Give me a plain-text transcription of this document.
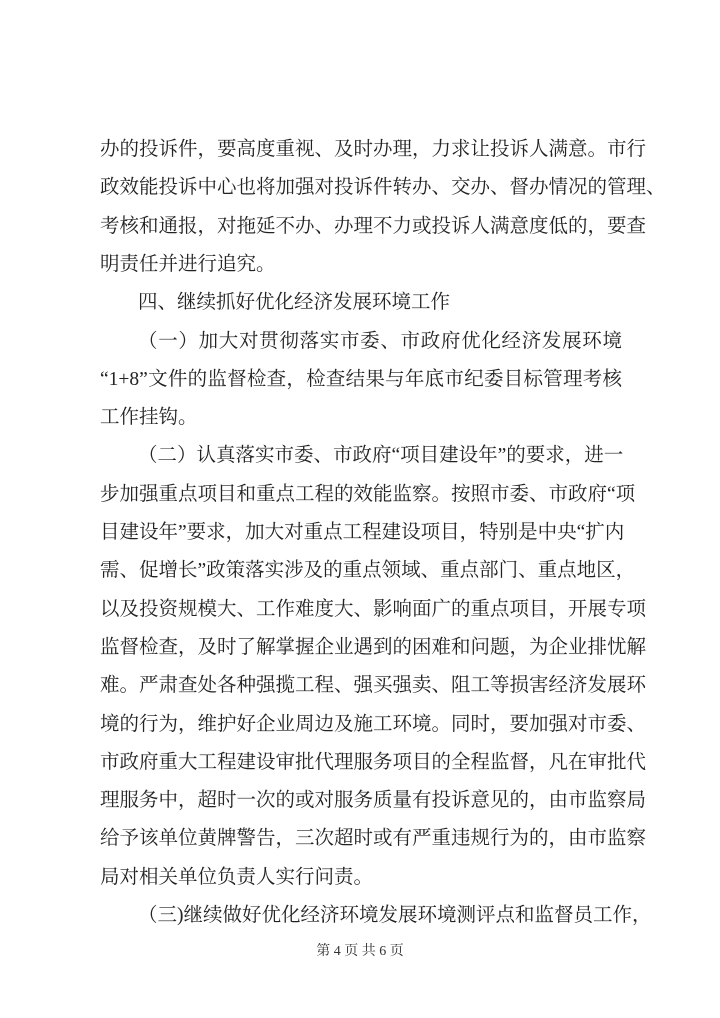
办的投诉件，要高度重视、及时办理，力求让投诉人满意。市行
政效能投诉中心也将加强对投诉件转办、交办、督办情况的管理、
考核和通报，对拖延不办、办理不力或投诉人满意度低的，要查
明责任并进行追究。
四、继续抓好优化经济发展环境工作
（一）加大对贯彻落实市委、市政府优化经济发展环境
“1+8”文件的监督检查，检查结果与年底市纪委目标管理考核
工作挂钩。
（二）认真落实市委、市政府“项目建设年”的要求，进一
步加强重点项目和重点工程的效能监察。按照市委、市政府“项
目建设年”要求，加大对重点工程建设项目，特别是中央“扩内
需、促增长”政策落实涉及的重点领域、重点部门、重点地区，
以及投资规模大、工作难度大、影响面广的重点项目，开展专项
监督检查，及时了解掌握企业遇到的困难和问题，为企业排忧解
难。严肃查处各种强揽工程、强买强卖、阻工等损害经济发展环
境的行为，维护好企业周边及施工环境。同时，要加强对市委、
市政府重大工程建设审批代理服务项目的全程监督，凡在审批代
理服务中，超时一次的或对服务质量有投诉意见的，由市监察局
给予该单位黄牌警告，三次超时或有严重违规行为的，由市监察
局对相关单位负责人实行问责。
（三)继续做好优化经济环境发展环境测评点和监督员工作，
第 4 页 共 6 页
